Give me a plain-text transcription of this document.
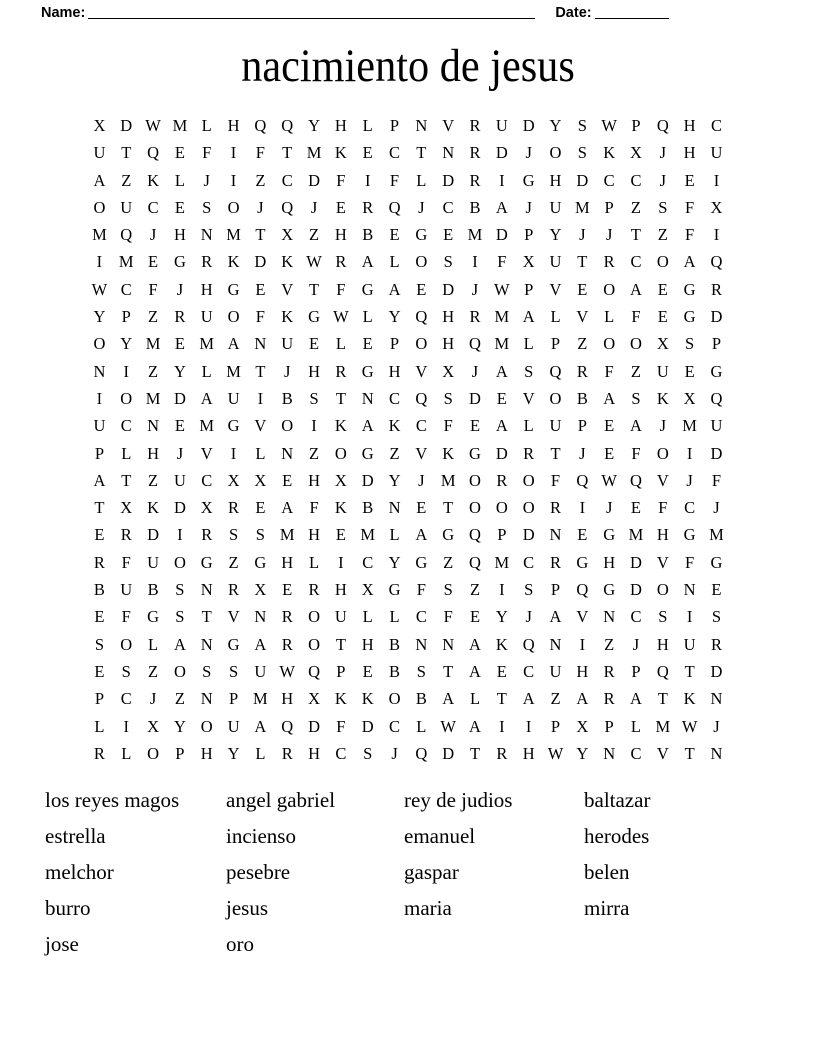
Name:	Date:
nacimiento de jesus
X D W M L H Q Q Y H L	P N V R U D Y S W P Q H C
U T Q E	F	I	F	T M K E C T N R D	J	O S K X	J	H U
A Z K L	J	I	Z C D F	I	F	L D R	I	G H D C C	J	E	I
O U C E	S O	J	Q	J	E R Q	J	C B A	J	U M P	Z	S	F X
M Q	J	H N M T X Z H B E G E M D P Y	J	J	T	Z	F	I
I	M E G R K D K W R A L O S	I	F X U T R C O A Q
W C	F	J	H G E V T	F G A E D	J W P V E O A E G R
Y P	Z R U O F K G W L Y Q H R M A L V L	F	E G D
O Y M E M A N U E	L	E	P O H Q M L	P	Z O O X S	P
N	I	Z Y L M T	J	H R G H V X	J	A S Q R	F	Z U E G
I	O M D A U	I	B	S	T N C Q S D E V O B A S K X Q
U C N E M G V O	I	K A K C	F	E A L U P	E A	J M U
P	L H	J	V	I	L N Z O G Z V K G D R T	J	E	F O	I	D
A T	Z U C X X E H X D Y	J M O R O F Q W Q V	J	F
T X K D X R E A F K B N E	T O O O R	I	J	E	F	C	J
E R D	I	R	S	S M H E M L A G Q P D N E G M H G M
R	F U O G Z G H L	I	C Y G Z Q M C R G H D V F G
B U B	S N R X E R H X G F	S	Z	I	S	P Q G D O N E
E	F G S	T V N R O U L	L C	F	E Y	J	A V N C	S	I	S
S O L A N G A R O T H B N N A K Q N	I	Z	J	H U R
E	S	Z O S	S U W Q P	E B	S	T A E C U H R	P Q T D
P	C	J	Z N P M H X K K O B A L	T A Z A R A T K N
L	I	X Y O U A Q D F D C L W A	I	I	P X P	L M W J
R L O P H Y L R H C	S	J	Q D T R H W Y N C V T N
los reyes magos
estrella
melchor
burro
jose
angel gabriel
incienso
pesebre
jesus
oro
rey de judios
emanuel
gaspar
maria
baltazar
herodes
belen
mirra
